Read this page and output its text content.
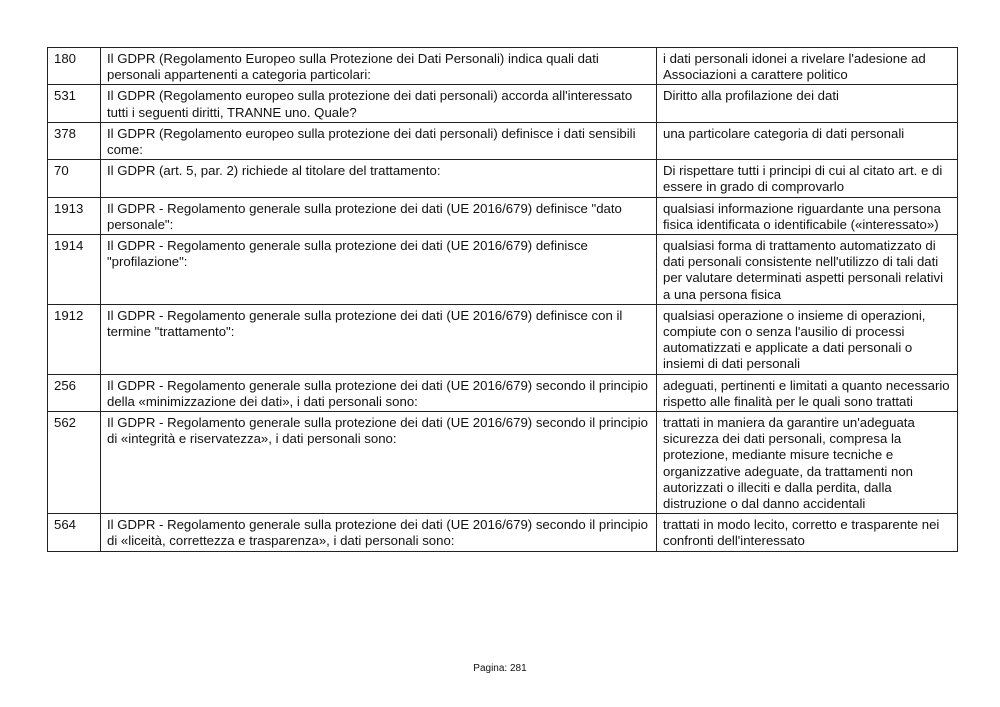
180	Il GDPR (Regolamento Europeo sulla Protezione dei Dati Personali) indica quali dati personali appartenenti a categoria particolari:	i dati personali idonei a rivelare l'adesione ad Associazioni a carattere politico
531	Il GDPR (Regolamento europeo sulla protezione dei dati personali) accorda all'interessato tutti i seguenti diritti, TRANNE uno. Quale?	Diritto alla profilazione dei dati
378	Il GDPR (Regolamento europeo sulla protezione dei dati personali) definisce i dati sensibili come:	una particolare categoria di dati personali
70	Il GDPR (art. 5, par. 2) richiede al titolare del trattamento:	Di rispettare tutti i principi di cui al citato art. e di essere in grado di comprovarlo
1913	Il GDPR - Regolamento generale sulla protezione dei dati (UE 2016/679) definisce "dato personale":	qualsiasi informazione riguardante una persona fisica identificata o identificabile («interessato»)
1914	Il GDPR - Regolamento generale sulla protezione dei dati (UE 2016/679) definisce "profilazione":	qualsiasi forma di trattamento automatizzato di dati personali consistente nell'utilizzo di tali dati per valutare determinati aspetti personali relativi a una persona fisica
1912	Il GDPR - Regolamento generale sulla protezione dei dati (UE 2016/679) definisce con il termine "trattamento":	qualsiasi operazione o insieme di operazioni, compiute con o senza l'ausilio di processi automatizzati e applicate a dati personali o insiemi di dati personali
256	Il GDPR - Regolamento generale sulla protezione dei dati (UE 2016/679) secondo il principio della «minimizzazione dei dati», i dati personali sono:	adeguati, pertinenti e limitati a quanto necessario rispetto alle finalità per le quali sono trattati
562	Il GDPR - Regolamento generale sulla protezione dei dati (UE 2016/679) secondo il principio di «integrità e riservatezza», i dati personali sono:	trattati in maniera da garantire un'adeguata sicurezza dei dati personali, compresa la protezione, mediante misure tecniche e organizzative adeguate, da trattamenti non autorizzati o illeciti e dalla perdita, dalla distruzione o dal danno accidentali
564	Il GDPR - Regolamento generale sulla protezione dei dati (UE 2016/679) secondo il principio di «liceità, correttezza e trasparenza», i dati personali sono:	trattati in modo lecito, corretto e trasparente nei confronti dell'interessato
Pagina: 281
